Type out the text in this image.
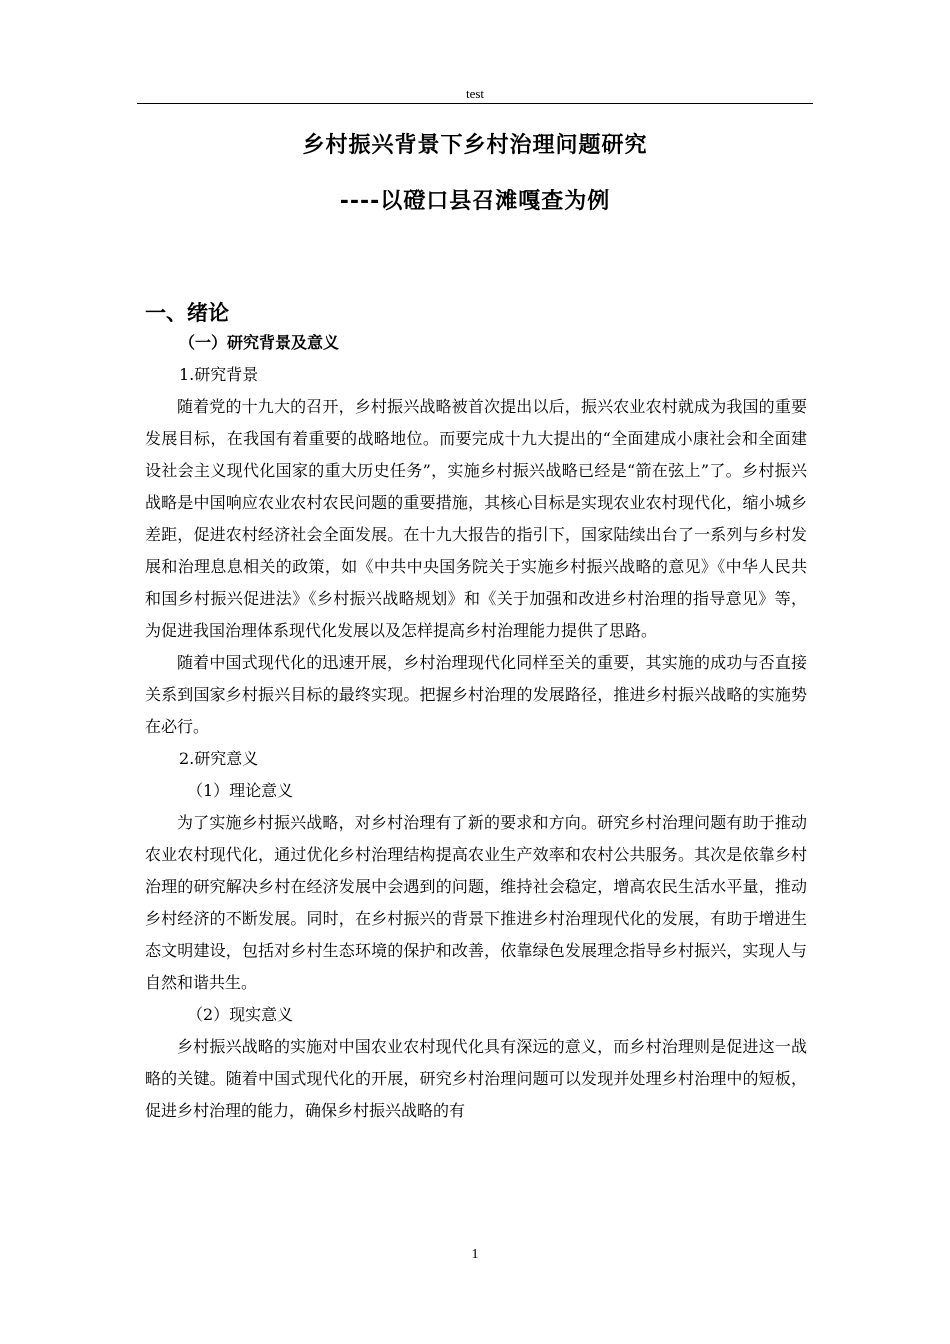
test
乡村振兴背景下乡村治理问题研究
----以磴口县召滩嘎查为例
一、绪论
（一）研究背景及意义
1.研究背景

随着党的十九大的召开，乡村振兴战略被首次提出以后，振兴农业农村就成为我国的重要发展目标，在我国有着重要的战略地位。而要完成十九大提出的“全面建成小康社会和全面建设社会主义现代化国家的重大历史任务”，实施乡村振兴战略已经是“箭在弦上”了。乡村振兴战略是中国响应农业农村农民问题的重要措施，其核心目标是实现农业农村现代化，缩小城乡差距，促进农村经济社会全面发展。在十九大报告的指引下，国家陆续出台了一系列与乡村发展和治理息息相关的政策，如《中共中央国务院关于实施乡村振兴战略的意见》《中华人民共和国乡村振兴促进法》《乡村振兴战略规划》和《关于加强和改进乡村治理的指导意见》等，为促进我国治理体系现代化发展以及怎样提高乡村治理能力提供了思路。

随着中国式现代化的迅速开展，乡村治理现代化同样至关的重要，其实施的成功与否直接关系到国家乡村振兴目标的最终实现。把握乡村治理的发展路径，推进乡村振兴战略的实施势在必行。

2.研究意义
（1）理论意义

为了实施乡村振兴战略，对乡村治理有了新的要求和方向。研究乡村治理问题有助于推动农业农村现代化，通过优化乡村治理结构提高农业生产效率和农村公共服务。其次是依靠乡村治理的研究解决乡村在经济发展中会遇到的问题，维持社会稳定，增高农民生活水平量，推动乡村经济的不断发展。同时，在乡村振兴的背景下推进乡村治理现代化的发展，有助于增进生态文明建设，包括对乡村生态环境的保护和改善，依靠绿色发展理念指导乡村振兴，实现人与自然和谐共生。

（2）现实意义

乡村振兴战略的实施对中国农业农村现代化具有深远的意义，而乡村治理则是促进这一战略的关键。随着中国式现代化的开展，研究乡村治理问题可以发现并处理乡村治理中的短板，促进乡村治理的能力，确保乡村振兴战略的有

1
